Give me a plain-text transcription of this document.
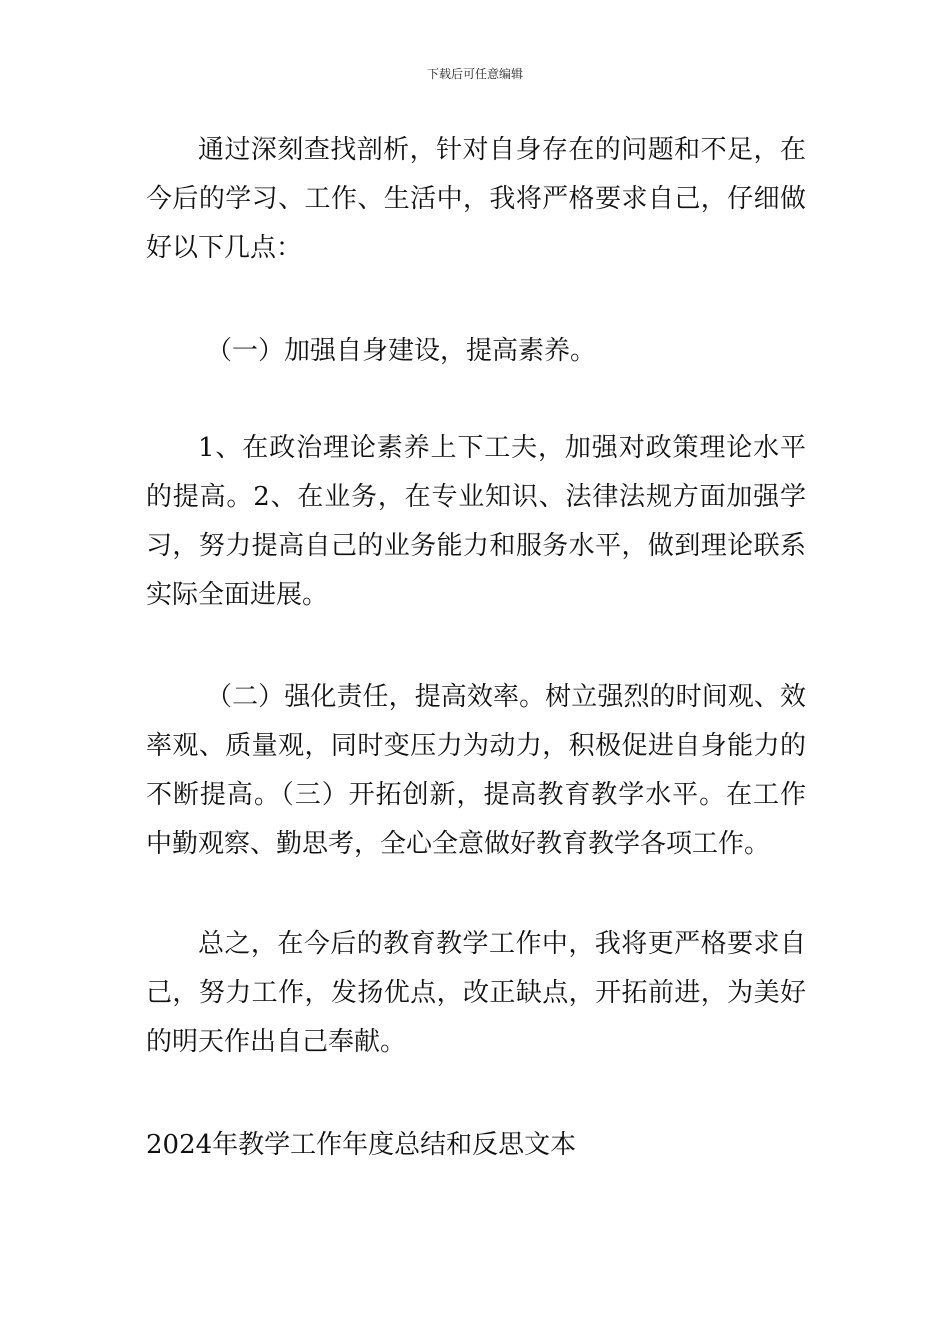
下载后可任意编辑

通过深刻查找剖析，针对自身存在的问题和不足，在今后的学习、工作、生活中，我将严格要求自己，仔细做好以下几点：

（一）加强自身建设，提高素养。

1、在政治理论素养上下工夫，加强对政策理论水平的提高。2、在业务，在专业知识、法律法规方面加强学习，努力提高自己的业务能力和服务水平，做到理论联系实际全面进展。

（二）强化责任，提高效率。树立强烈的时间观、效率观、质量观，同时变压力为动力，积极促进自身能力的不断提高。（三）开拓创新，提高教育教学水平。在工作中勤观察、勤思考，全心全意做好教育教学各项工作。

总之，在今后的教育教学工作中，我将更严格要求自己，努力工作，发扬优点，改正缺点，开拓前进，为美好的明天作出自己奉献。

2024年教学工作年度总结和反思文本
